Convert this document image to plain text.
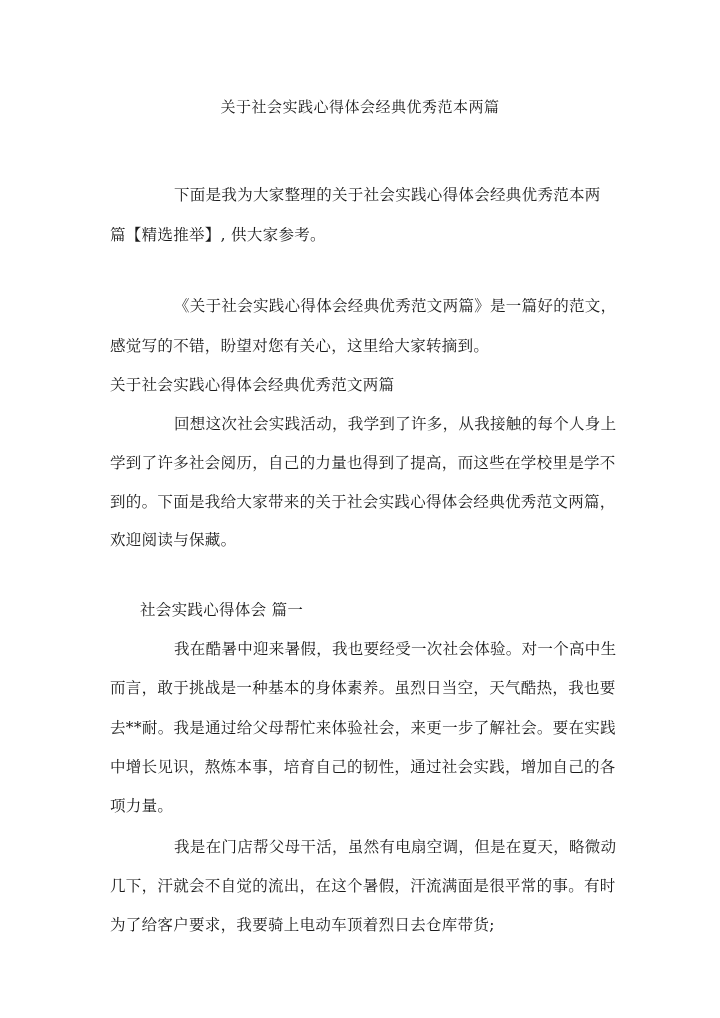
关于社会实践心得体会经典优秀范本两篇
下面是我为大家整理的关于社会实践心得体会经典优秀范本两
篇【精选推举】, 供大家参考。
《关于社会实践心得体会经典优秀范文两篇》是一篇好的范文，
感觉写的不错，盼望对您有关心，这里给大家转摘到。
关于社会实践心得体会经典优秀范文两篇
回想这次社会实践活动，我学到了许多，从我接触的每个人身上
学到了许多社会阅历，自己的力量也得到了提高，而这些在学校里是学不
到的。下面是我给大家带来的关于社会实践心得体会经典优秀范文两篇，
欢迎阅读与保藏。
社会实践心得体会 篇一
我在酷暑中迎来暑假，我也要经受一次社会体验。对一个高中生
而言，敢于挑战是一种基本的身体素养。虽烈日当空，天气酷热，我也要
去**耐。我是通过给父母帮忙来体验社会，来更一步了解社会。要在实践
中增长见识，熬炼本事，培育自己的韧性，通过社会实践，增加自己的各
项力量。
我是在门店帮父母干活，虽然有电扇空调，但是在夏天，略微动
几下，汗就会不自觉的流出，在这个暑假，汗流满面是很平常的事。有时
为了给客户要求，我要骑上电动车顶着烈日去仓库带货;
